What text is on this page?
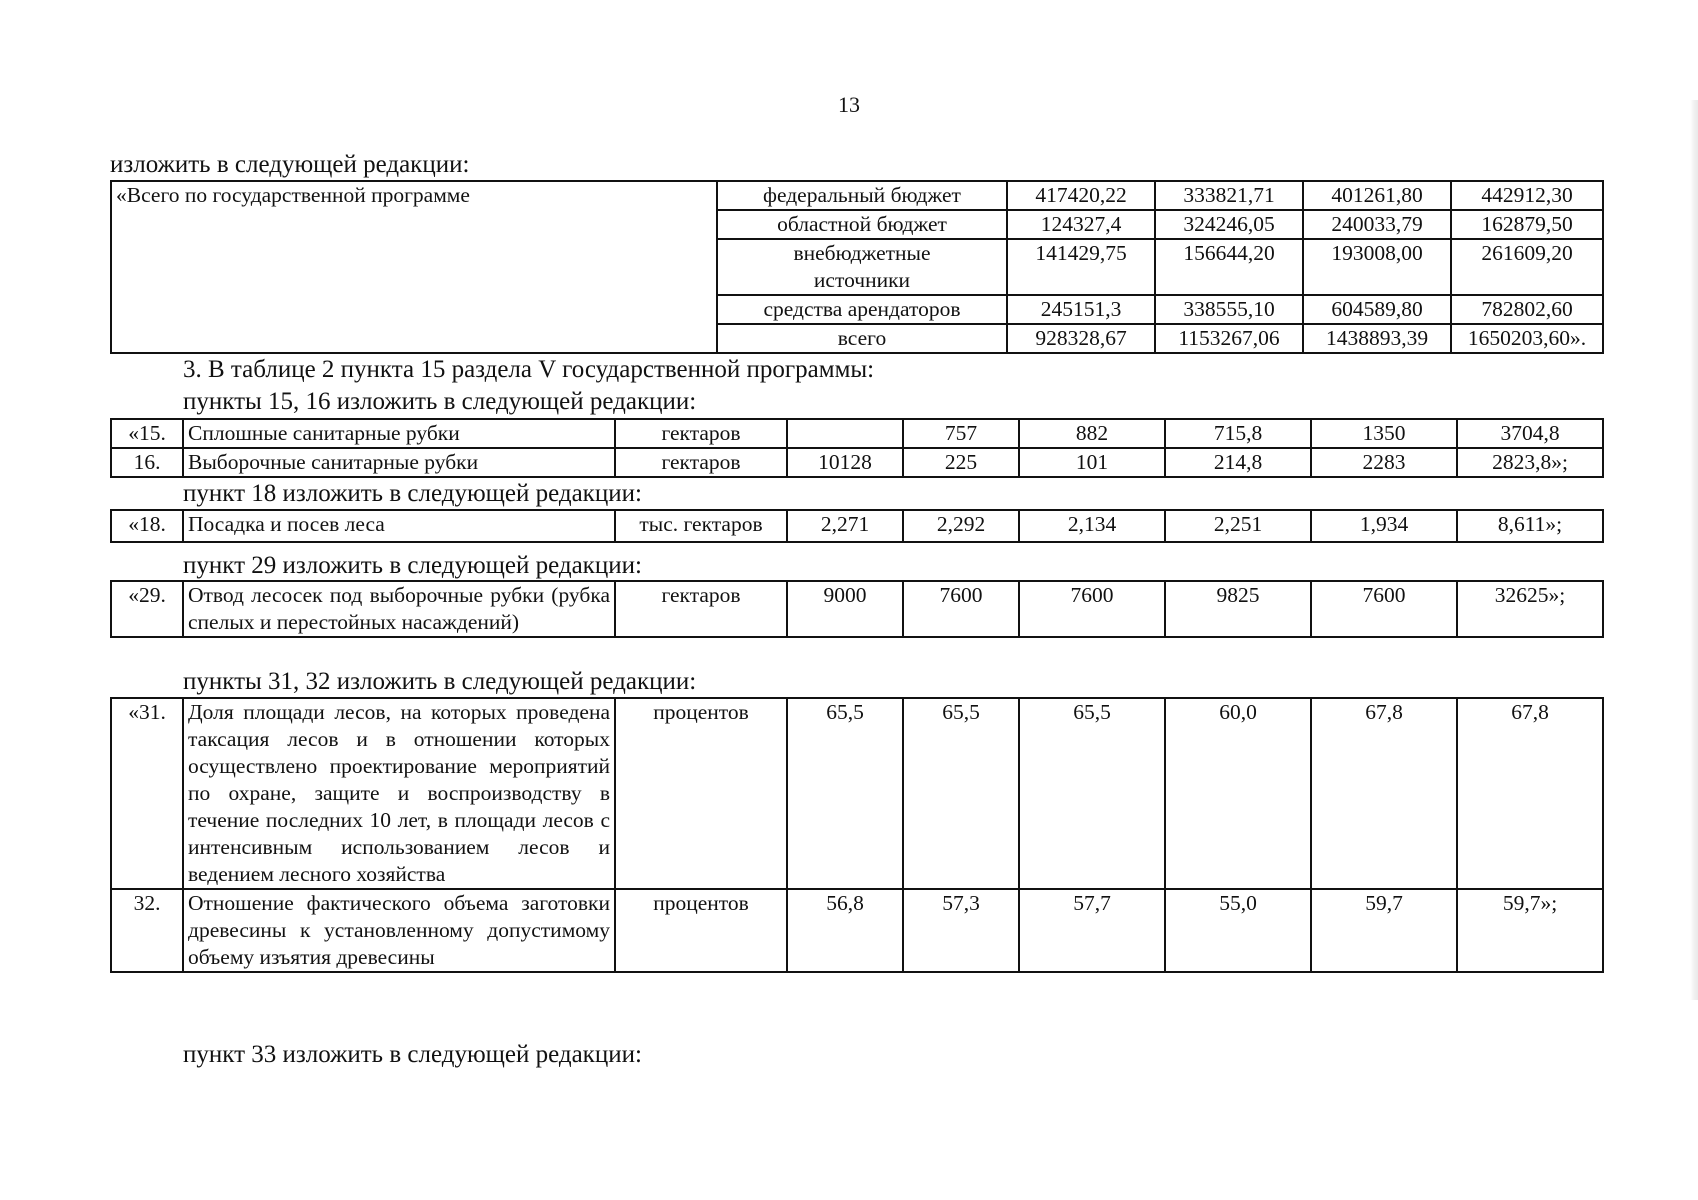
13
изложить в следующей редакции:
«Всего по государственной программе	федеральный бюджет	417420,22	333821,71	401261,80	442912,30
	областной бюджет	124327,4	324246,05	240033,79	162879,50
	внебюджетные источники	141429,75	156644,20	193008,00	261609,20
	средства арендаторов	245151,3	338555,10	604589,80	782802,60
	всего	928328,67	1153267,06	1438893,39	1650203,60».
3. В таблице 2 пункта 15 раздела V государственной программы:
пункты 15, 16 изложить в следующей редакции:
«15.	Сплошные санитарные рубки	гектаров		757	882	715,8	1350	3704,8
16.	Выборочные санитарные рубки	гектаров	10128	225	101	214,8	2283	2823,8»;
пункт 18 изложить в следующей редакции:
«18.	Посадка и посев леса	тыс. гектаров	2,271	2,292	2,134	2,251	1,934	8,611»;
пункт 29 изложить в следующей редакции:
«29.	Отвод лесосек под выборочные рубки (рубка спелых и перестойных насаждений)	гектаров	9000	7600	7600	9825	7600	32625»;
пункты 31, 32 изложить в следующей редакции:
«31.	Доля площади лесов, на которых проведена таксация лесов и в отношении которых осуществлено проектирование мероприятий по охране, защите и воспроизводству в течение последних 10 лет, в площади лесов с интенсивным использованием лесов и ведением лесного хозяйства	процентов	65,5	65,5	65,5	60,0	67,8	67,8
32.	Отношение фактического объема заготовки древесины к установленному допустимому объему изъятия древесины	процентов	56,8	57,3	57,7	55,0	59,7	59,7»;
пункт 33 изложить в следующей редакции:
